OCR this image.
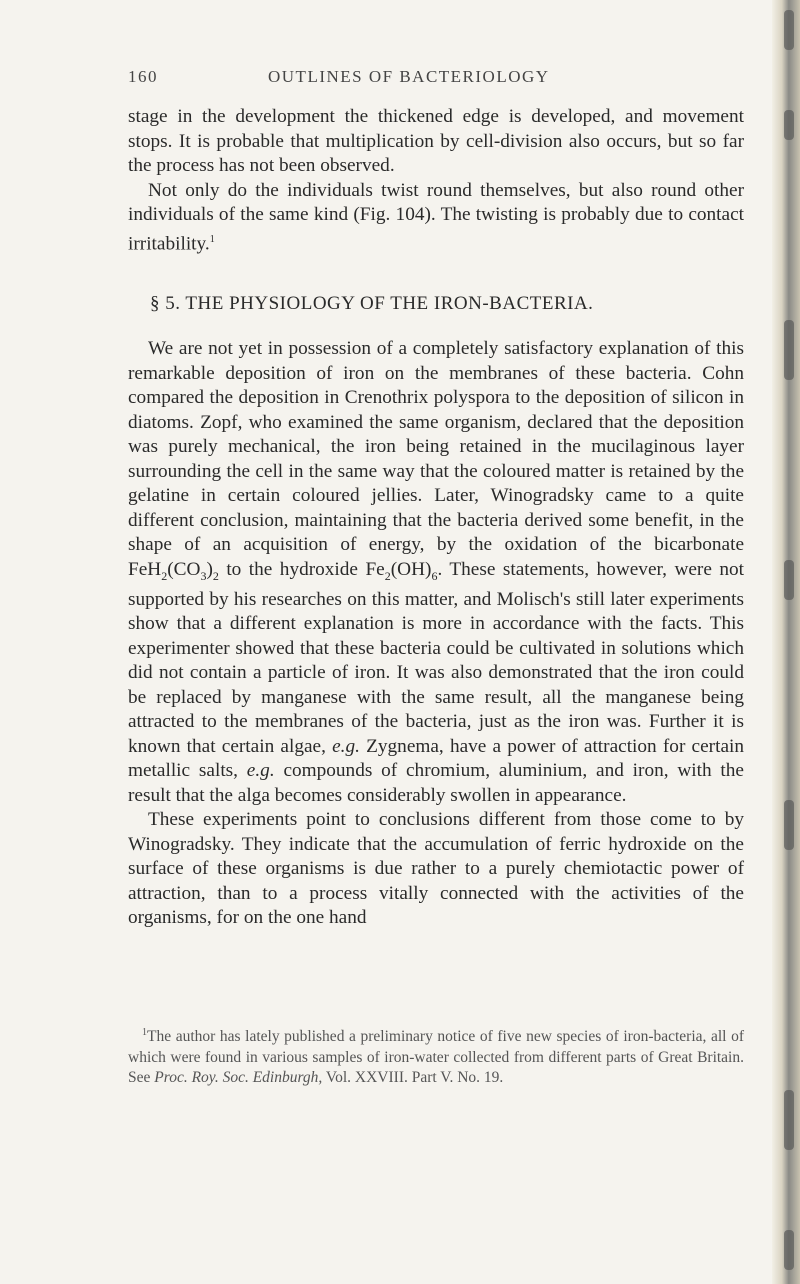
160	OUTLINES OF BACTERIOLOGY

stage in the development the thickened edge is developed, and movement stops. It is probable that multiplication by cell-division also occurs, but so far the process has not been observed.

Not only do the individuals twist round themselves, but also round other individuals of the same kind (Fig. 104). The twisting is probably due to contact irritability.$^1$

§ 5. THE PHYSIOLOGY OF THE IRON-BACTERIA.

We are not yet in possession of a completely satisfactory explanation of this remarkable deposition of iron on the membranes of these bacteria. Cohn compared the deposition in Crenothrix polyspora to the deposition of silicon in diatoms. Zopf, who examined the same organism, declared that the deposition was purely mechanical, the iron being retained in the mucilaginous layer surrounding the cell in the same way that the coloured matter is retained by the gelatine in certain coloured jellies. Later, Winogradsky came to a quite different conclusion, maintaining that the bacteria derived some benefit, in the shape of an acquisition of energy, by the oxidation of the bicarbonate $FeH_2(CO_3)_2$ to the hydroxide $Fe_2(OH)_6$. These statements, however, were not supported by his researches on this matter, and Molisch's still later experiments show that a different explanation is more in accordance with the facts. This experimenter showed that these bacteria could be cultivated in solutions which did not contain a particle of iron. It was also demonstrated that the iron could be replaced by manganese with the same result, all the manganese being attracted to the membranes of the bacteria, just as the iron was. Further it is known that certain algae, e.g. Zygnema, have a power of attraction for certain metallic salts, e.g. compounds of chromium, aluminium, and iron, with the result that the alga becomes considerably swollen in appearance.

These experiments point to conclusions different from those come to by Winogradsky. They indicate that the accumulation of ferric hydroxide on the surface of these organisms is due rather to a purely chemiotactic power of attraction, than to a process vitally connected with the activities of the organisms, for on the one hand

$^1$The author has lately published a preliminary notice of five new species of iron-bacteria, all of which were found in various samples of iron-water collected from different parts of Great Britain. See Proc. Roy. Soc. Edinburgh, Vol. XXVIII. Part V. No. 19.
